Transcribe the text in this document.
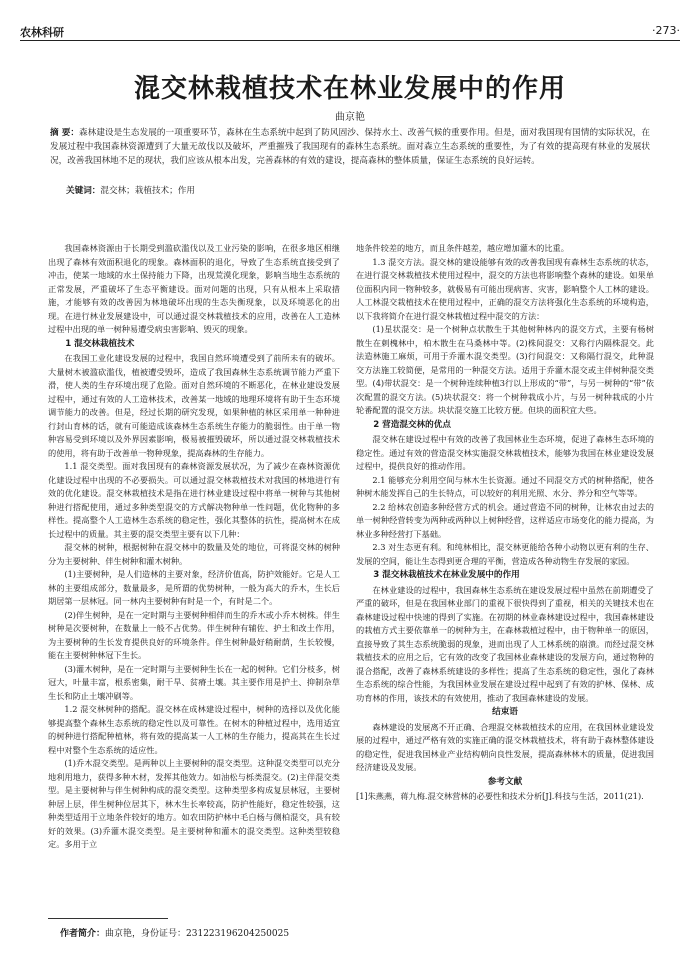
农林科研	·273·
混交林栽植技术在林业发展中的作用
曲京艳
摘 要：森林建设是生态发展的一项重要环节，森林在生态系统中起到了防风固沙、保持水土、改善气候的重要作用。但是，面对我国现有国情的实际状况，在发展过程中我国森林资源遭到了大量无故伐以及破坏，严重摧残了我国现有的森林生态系统。面对森立生态系统的重要性，为了有效的提高现有林业的发展状况，改善我国林地不足的现状，我们应该从根本出发，完善森林的有效的建设，提高森林的整体质量，保证生态系统的良好运转。
关键词：混交林；栽植技术；作用

我国森林资源由于长期受到滥砍滥伐以及工业污染的影响，在很多地区相继出现了森林有效面积退化的现象。森林面积的退化，导致了生态系统直接受到了冲击，使某一地域的水土保持能力下降，出现荒漠化现象，影响当地生态系统的正常发展，严重破坏了生态平衡建设。面对问题的出现，只有从根本上采取措施，才能够有效的改善因为林地破坏出现的生态失衡现象，以及环境恶化的出现。在进行林业发展建设中，可以通过混交林栽植技术的应用，改善在人工造林过程中出现的单一树种易遭受病虫害影响、毁灭的现象。

1 混交林栽植技术

在我国工业化建设发展的过程中，我国自然环境遭受到了前所未有的破坏。大量树木被滥砍滥伐，植被遭受毁坏，造成了我国森林生态系统调节能力严重下滑，使人类的生存环境出现了危险。面对自然环境的不断恶化，在林业建设发展过程中，通过有效的人工造林技术，改善某一地域的地理环境将有助于生态环境调节能力的改善。但是，经过长期的研究发现，如果种植的林区采用单一种种进行封山育林的话，就有可能造成该森林生态系统生存能力的脆弱性。由于单一物种容易受到环境以及外界因素影响，极易被摧毁破坏，所以通过混交林栽植技术的使用，将有助于改善单一物种现象，提高森林的生存能力。

1.1 混交类型。面对我国现有的森林资源发展状况，为了减少在森林资源优化建设过程中出现的不必要损失。可以通过混交林栽植技术对我国的林地进行有效的优化建设。混交林栽植技术是指在进行林业建设过程中将单一树种与其他树种进行搭配使用，通过多种类型混交的方式解决物种单一性问题，优化物种的多样性。提高整个人工造林生态系统的稳定性，强化其整体的抗性，提高树木在成长过程中的质量。其主要的混交类型主要有以下几种：

混交林的树种，根据树种在混交林中的数量及处的地位，可将混交林的树种分为主要树种、伴生树种和灌木树种。

(1)主要树种，是人们造林的主要对象，经济价值高，防护效能好。它是人工林的主要组成部分，数量最多，是所谓的优势树种，一般为高大的乔木，生长后期居第一层林冠。同一林内主要树种有时是一个，有时是二个。

(2)伴生树种，是在一定时期与主要树种相伴而生的乔木或小乔木树株。伴生树种是次要树种，在数量上一般不占优势。伴生树种有辅佐、护土和改土作用，为主要树种的生长发育提供良好的环境条件。伴生树种最好稍耐荫，生长较慢，能在主要树种林冠下生长。

(3)灌木树种，是在一定时期与主要树种生长在一起的树种。它们分枝多，树冠大，叶量丰富，根系密集，耐干旱、贫瘠土壤。其主要作用是护土、抑制杂草生长和防止土壤冲刷等。

1.2 混交林树种的搭配。混交林在成林建设过程中，树种的选择以及优化能够提高整个森林生态系统的稳定性以及可靠性。在树木的种植过程中，选用适宜的树种进行搭配种植林，将有效的提高某一人工林的生存能力，提高其在生长过程中对整个生态系统的适应性。

(1)乔木混交类型。是两种以上主要树种的混交类型。这种混交类型可以充分地利用地力，获得多种木材，发挥其他效力。如油松与栎类混交。(2)主伴混交类型。是主要树种与伴生树种构成的混交类型。这种类型多构成复层林冠，主要树种居上层，伴生树种位居其下，林木生长率较高，防护性能好，稳定性较强，这种类型适用于立地条件较好的地方。如农田防护林中毛白杨与侧柏混交，具有较好的效果。(3)乔灌木混交类型。是主要树种和灌木的混交类型。这种类型较稳定。多用于立

地条件较差的地方，而且条件越差，越应增加灌木的比重。

1.3 混交方法。混交林的建设能够有效的改善我国现有森林生态系统的状态，在进行混交林栽植技术使用过程中，混交的方法也将影响整个森林的建设。如果单位面积内同一物种较多，就极易有可能出现病害、灾害，影响整个人工林的建设。人工林混交栽植技术在使用过程中，正确的混交方法将强化生态系统的环境构造，以下我将简介在进行混交林栽植过程中混交的方法：

(1)星状混交：是一个树种点状散生于其他树种林内的混交方式，主要有杨树散生在刺槐林中，柏木散生在马桑林中等。(2)株间混交：又称行内隔株混交。此法造林施工麻烦，可用于乔灌木混交类型。(3)行间混交：又称隔行混交，此种混交方法施工较简便，是常用的一种混交方法。适用于乔灌木混交或主伴树种混交类型。(4)带状混交：是一个树种连续种植3行以上形成的“带”，与另一树种的“带”依次配置的混交方法。(5)块状混交：将一个树种栽成小片，与另一树种栽成的小片轮番配置的混交方法。块状混交施工比较方便。但块的面积宜大些。

2 营造混交林的优点

混交林在建设过程中有效的改善了我国林业生态环境，促进了森林生态环境的稳定性。通过有效的营造混交林实施混交林栽植技术，能够为我国在林业建设发展过程中，提供良好的推动作用。

2.1 能够充分利用空间与林木生长资源。通过不同混交方式的树种搭配，使各种树木能发挥自己的生长特点，可以较好的利用光照、水分、养分和空气等等。

2.2 给林农创造多种经营方式的机会。通过营造不同的树种，让林农由过去的单一树种经营转变为两种或两种以上树种经营，这样适应市场变化的能力提高，为林业多种经营打下基础。

2.3 对生态更有利。和纯林相比，混交林更能给各种小动物以更有利的生存、发展的空间，能让生态得到更合理的平衡，营造成各种动物生存发展的家园。

3 混交林栽植技术在林业发展中的作用

在林业建设的过程中，我国森林生态系统在建设发展过程中虽然在前期遭受了严重的破坏，但是在我国林业部门的重视下很快得到了重视，相关的关键技术也在森林建设过程中快速的得到了实施。在初期的林业森林建设过程中，我国森林建设的栽植方式主要依靠单一的树种为主，在森林栽植过程中，由于物种单一的原因，直接导致了其生态系统脆弱的现象，进而出现了人工林系统的崩溃。而经过混交林栽植技术的应用之后，它有效的改变了我国林业森林建设的发展方向，通过物种的混合搭配，改善了森林系统建设的多样性；提高了生态系统的稳定性，强化了森林生态系统的综合性能，为我国林业发展在建设过程中起到了有效的护林、保林、成功育林的作用，该技术的有效使用，推动了我国森林建设的发展。

结束语

森林建设的发展离不开正确、合理混交林栽植技术的应用，在我国林业建设发展的过程中，通过严格有效的实施正确的混交林栽植技术，将有助于森林整体建设的稳定性，促进我国林业产业结构朝向良性发展，提高森林林木的质量，促进我国经济建设及发展。

参考文献

[1]朱燕燕，蒋九梅.混交林营林的必要性和技术分析[J].科技与生活，2011(21).

作者简介：曲京艳，身份证号：231223196204250025
